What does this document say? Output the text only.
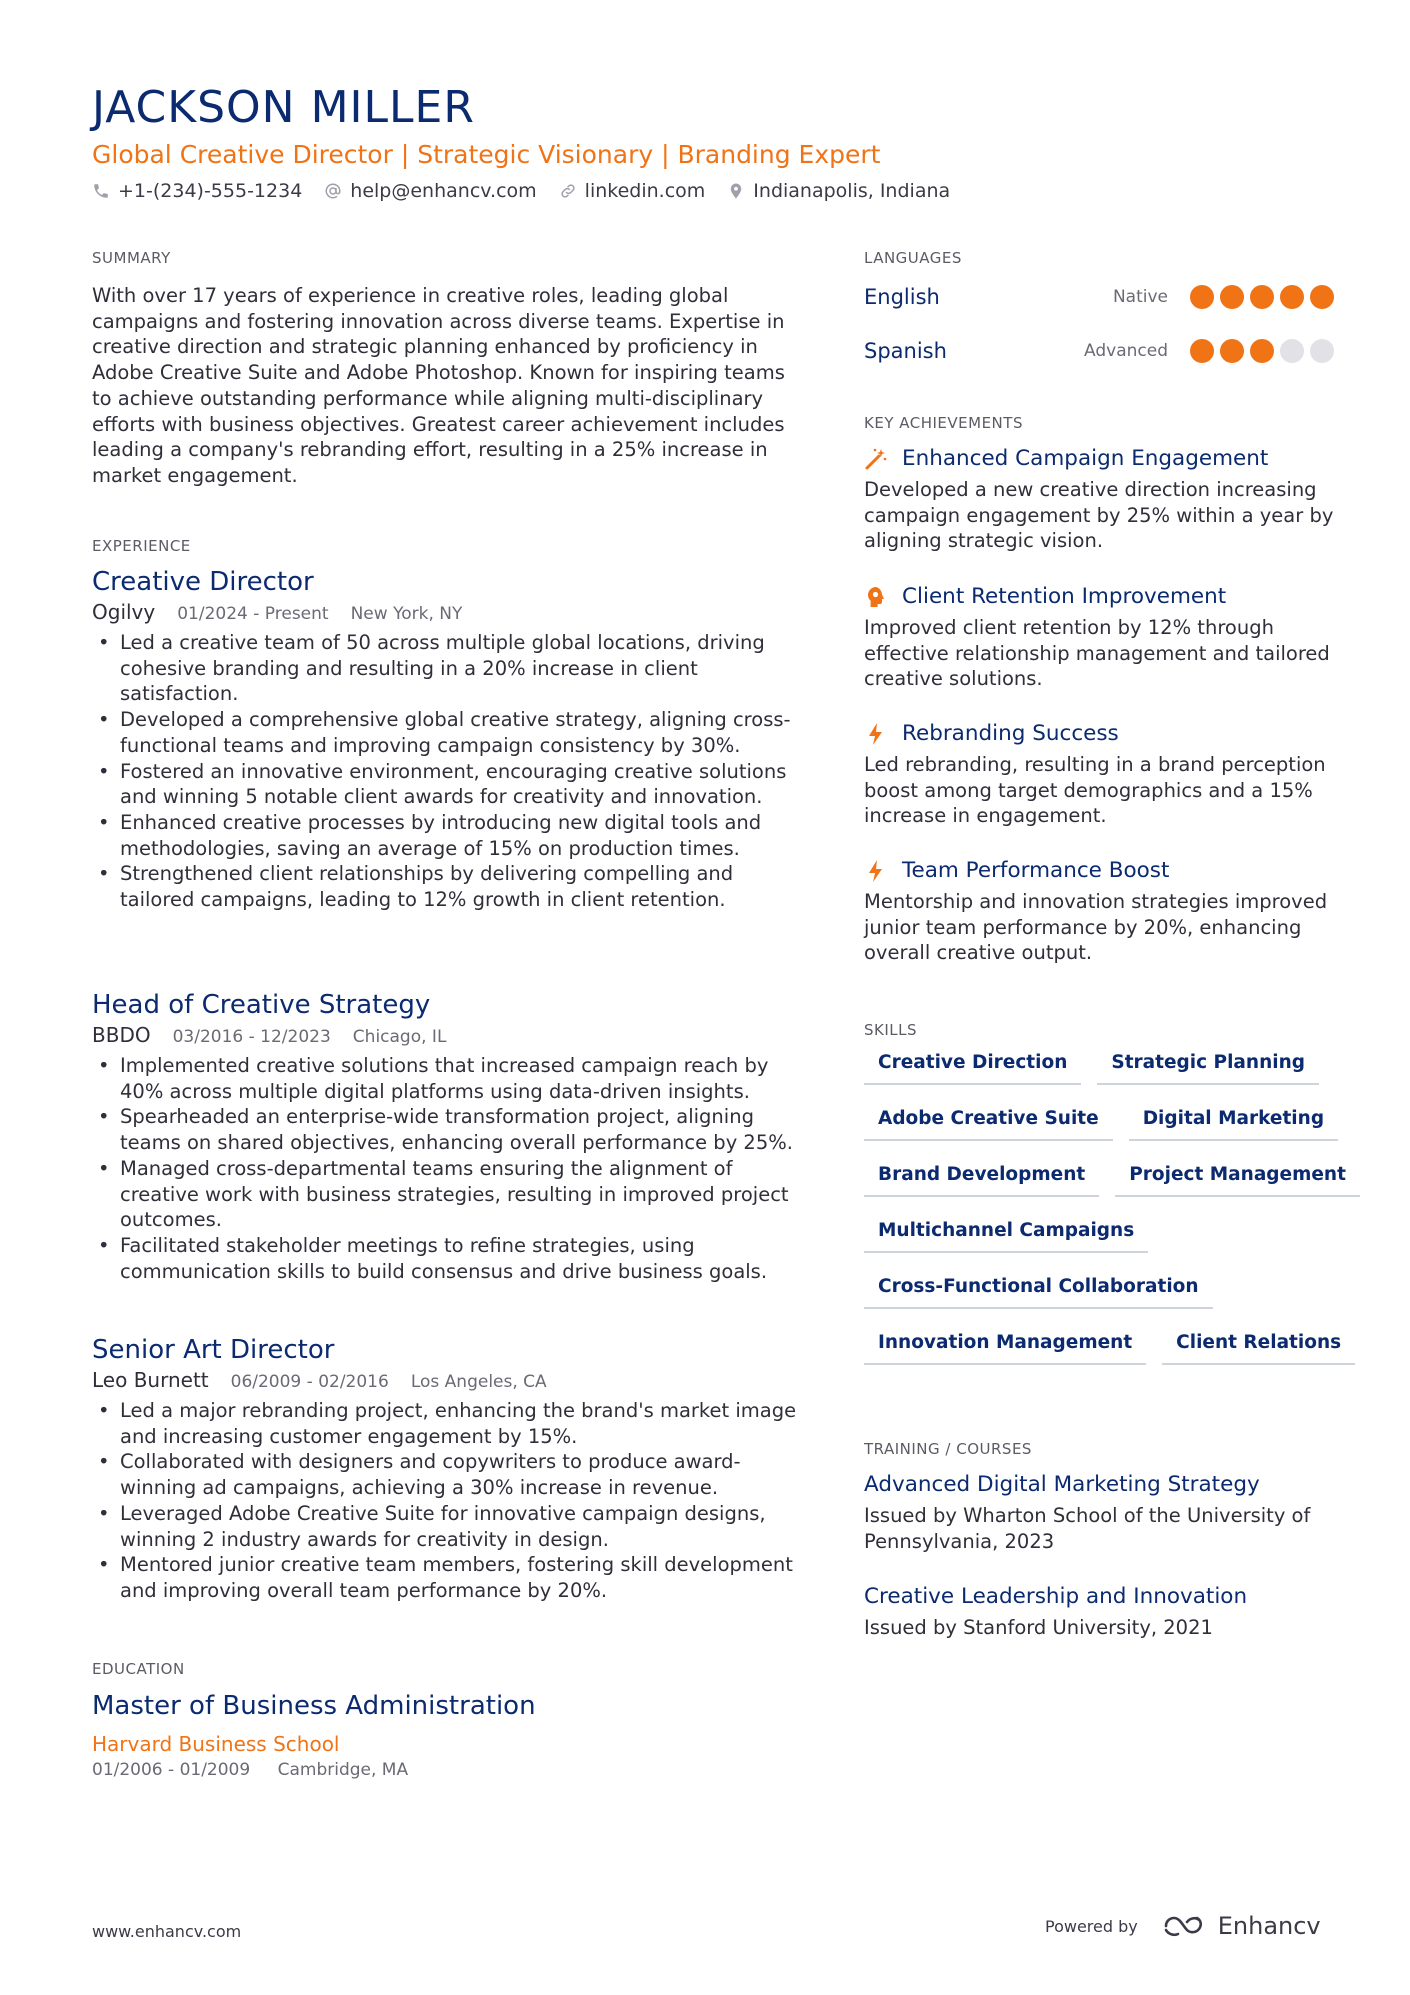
JACKSON MILLER
Global Creative Director | Strategic Visionary | Branding Expert
+1-(234)-555-1234	help@enhancv.com	linkedin.com	Indianapolis, Indiana
SUMMARY

With over 17 years of experience in creative roles, leading global campaigns and fostering innovation across diverse teams. Expertise in creative direction and strategic planning enhanced by proficiency in Adobe Creative Suite and Adobe Photoshop. Known for inspiring teams to achieve outstanding performance while aligning multi-disciplinary efforts with business objectives. Greatest career achievement includes leading a company's rebranding effort, resulting in a 25% increase in market engagement.

EXPERIENCE
Creative Director
Ogilvy 01/2024 - Present New York, NY
• Led a creative team of 50 across multiple global locations, driving cohesive branding and resulting in a 20% increase in client satisfaction.
• Developed a comprehensive global creative strategy, aligning cross-functional teams and improving campaign consistency by 30%.
• Fostered an innovative environment, encouraging creative solutions and winning 5 notable client awards for creativity and innovation.
• Enhanced creative processes by introducing new digital tools and methodologies, saving an average of 15% on production times.
• Strengthened client relationships by delivering compelling and tailored campaigns, leading to 12% growth in client retention.
Head of Creative Strategy
BBDO 03/2016 - 12/2023 Chicago, IL
• Implemented creative solutions that increased campaign reach by 40% across multiple digital platforms using data-driven insights.
• Spearheaded an enterprise-wide transformation project, aligning teams on shared objectives, enhancing overall performance by 25%.
• Managed cross-departmental teams ensuring the alignment of creative work with business strategies, resulting in improved project outcomes.
• Facilitated stakeholder meetings to refine strategies, using communication skills to build consensus and drive business goals.
Senior Art Director
Leo Burnett 06/2009 - 02/2016 Los Angeles, CA
• Led a major rebranding project, enhancing the brand's market image and increasing customer engagement by 15%.
• Collaborated with designers and copywriters to produce award-winning ad campaigns, achieving a 30% increase in revenue.
• Leveraged Adobe Creative Suite for innovative campaign designs, winning 2 industry awards for creativity in design.
• Mentored junior creative team members, fostering skill development and improving overall team performance by 20%.
EDUCATION
Master of Business Administration
Harvard Business School
01/2006 - 01/2009 Cambridge, MA
LANGUAGES
English	Native
Spanish	Advanced
KEY ACHIEVEMENTS
Enhanced Campaign Engagement
Developed a new creative direction increasing campaign engagement by 25% within a year by aligning strategic vision.
Client Retention Improvement
Improved client retention by 12% through effective relationship management and tailored creative solutions.
Rebranding Success
Led rebranding, resulting in a brand perception boost among target demographics and a 15% increase in engagement.
Team Performance Boost
Mentorship and innovation strategies improved junior team performance by 20%, enhancing overall creative output.
SKILLS
Creative Direction	Strategic Planning
Adobe Creative Suite	Digital Marketing
Brand Development	Project Management
Multichannel Campaigns
Cross-Functional Collaboration
Innovation Management	Client Relations
TRAINING / COURSES
Advanced Digital Marketing Strategy
Issued by Wharton School of the University of Pennsylvania, 2023
Creative Leadership and Innovation
Issued by Stanford University, 2021
www.enhancv.com	Powered by	Enhancv
